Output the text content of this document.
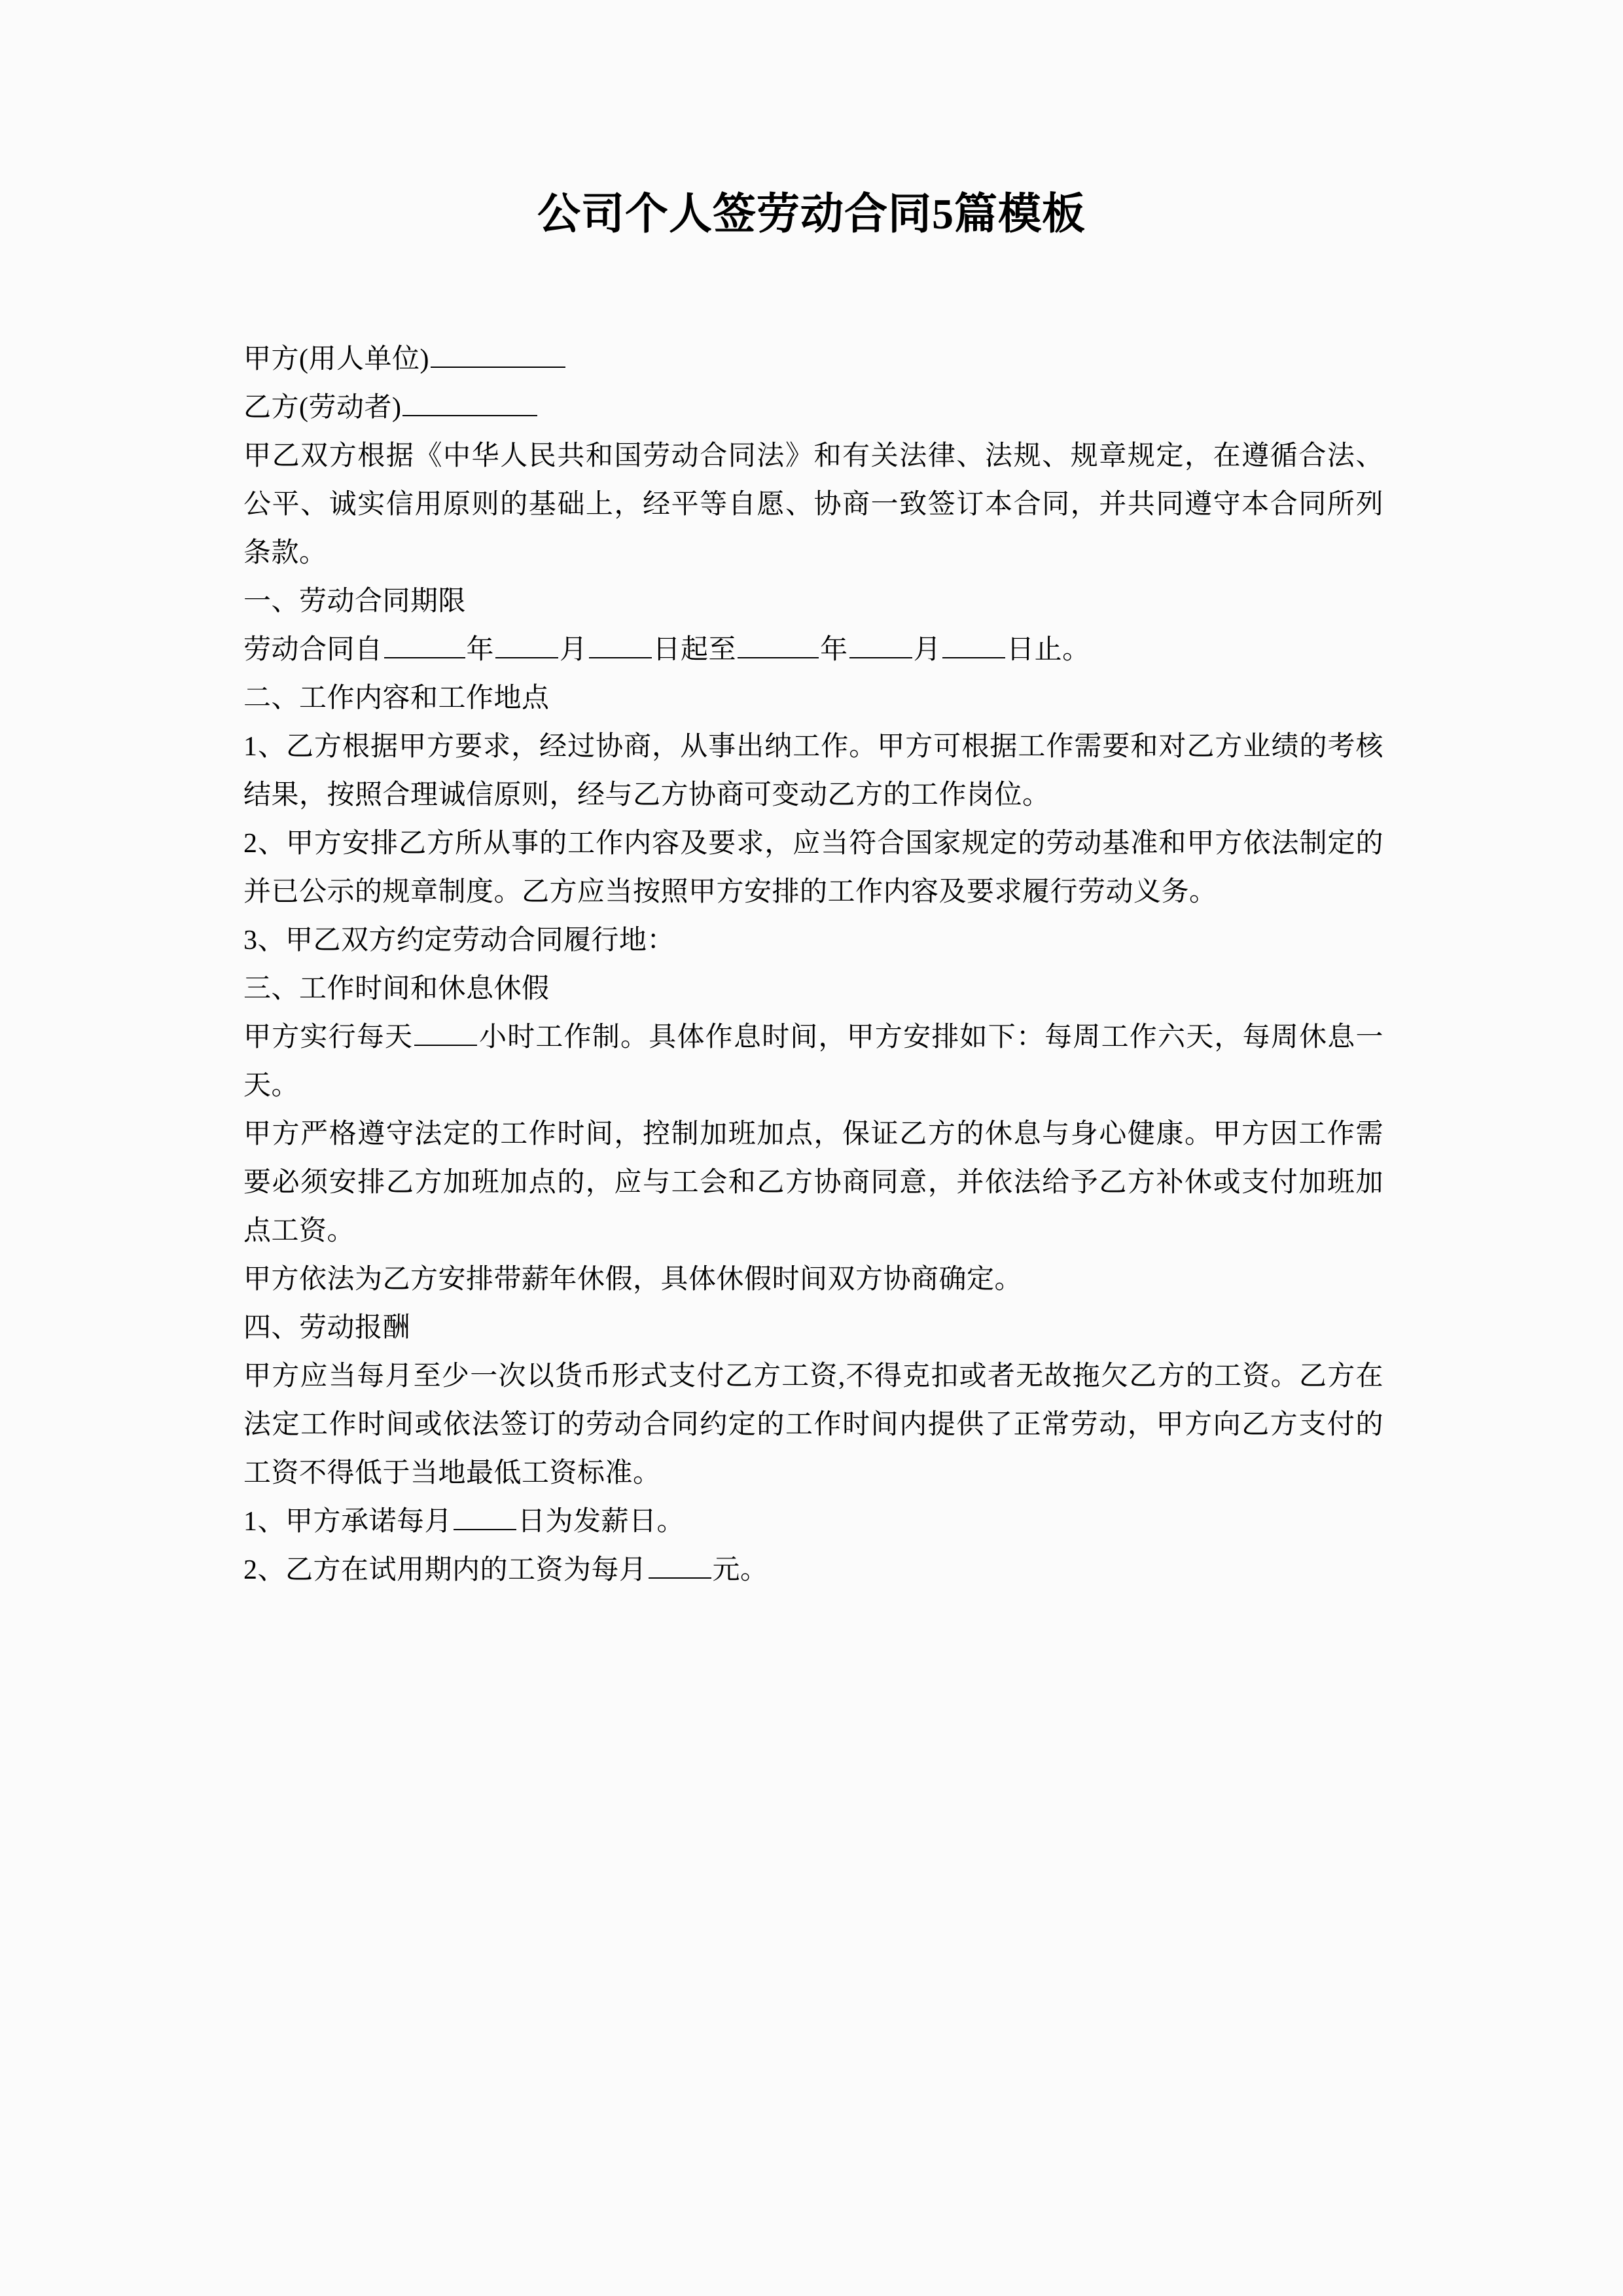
公司个人签劳动合同5篇模板

甲方(用人单位)

乙方(劳动者)

甲乙双方根据《中华人民共和国劳动合同法》和有关法律、法规、规章规定，在遵循合法、公平、诚实信用原则的基础上，经平等自愿、协商一致签订本合同，并共同遵守本合同所列条款。

一、劳动合同期限

劳动合同自	年 月 日起至	年 月 日止。

二、工作内容和工作地点

1、乙方根据甲方要求，经过协商，从事出纳工作。甲方可根据工作需要和对乙方业绩的考核结果，按照合理诚信原则，经与乙方协商可变动乙方的工作岗位。

2、甲方安排乙方所从事的工作内容及要求，应当符合国家规定的劳动基准和甲方依法制定的并已公示的规章制度。乙方应当按照甲方安排的工作内容及要求履行劳动义务。

3、甲乙双方约定劳动合同履行地：

三、工作时间和休息休假

甲方实行每天 小时工作制。具体作息时间，甲方安排如下：每周工作六天，每周休息一天。

甲方严格遵守法定的工作时间，控制加班加点，保证乙方的休息与身心健康。甲方因工作需要必须安排乙方加班加点的，应与工会和乙方协商同意，并依法给予乙方补休或支付加班加点工资。

甲方依法为乙方安排带薪年休假，具体休假时间双方协商确定。

四、劳动报酬

甲方应当每月至少一次以货币形式支付乙方工资,不得克扣或者无故拖欠乙方的工资。乙方在法定工作时间或依法签订的劳动合同约定的工作时间内提供了正常劳动，甲方向乙方支付的工资不得低于当地最低工资标准。

1、甲方承诺每月 日为发薪日。

2、乙方在试用期内的工资为每月 元。
